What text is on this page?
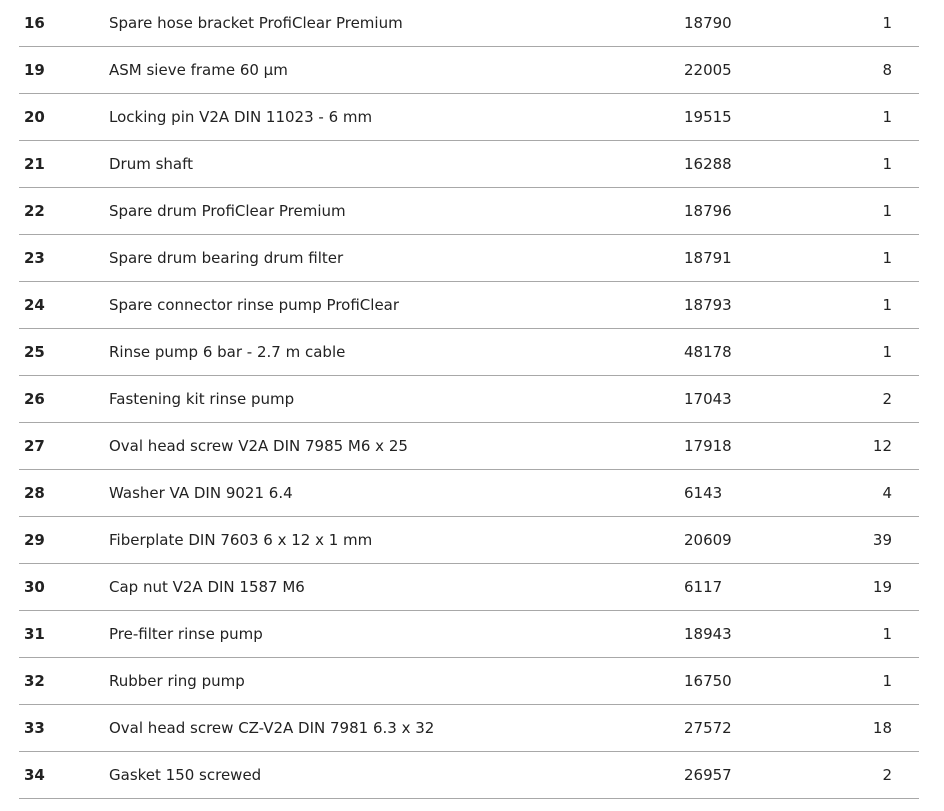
16	Spare hose bracket ProfiClear Premium	18790	1
19	ASM sieve frame 60 µm	22005	8
20	Locking pin V2A DIN 11023 - 6 mm	19515	1
21	Drum shaft	16288	1
22	Spare drum ProfiClear Premium	18796	1
23	Spare drum bearing drum filter	18791	1
24	Spare connector rinse pump ProfiClear	18793	1
25	Rinse pump 6 bar - 2.7 m cable	48178	1
26	Fastening kit rinse pump	17043	2
27	Oval head screw V2A DIN 7985 M6 x 25	17918	12
28	Washer VA DIN 9021 6.4	6143	4
29	Fiberplate DIN 7603 6 x 12 x 1 mm	20609	39
30	Cap nut V2A DIN 1587 M6	6117	19
31	Pre-filter rinse pump	18943	1
32	Rubber ring pump	16750	1
33	Oval head screw CZ-V2A DIN 7981 6.3 x 32	27572	18
34	Gasket 150 screwed	26957	2
